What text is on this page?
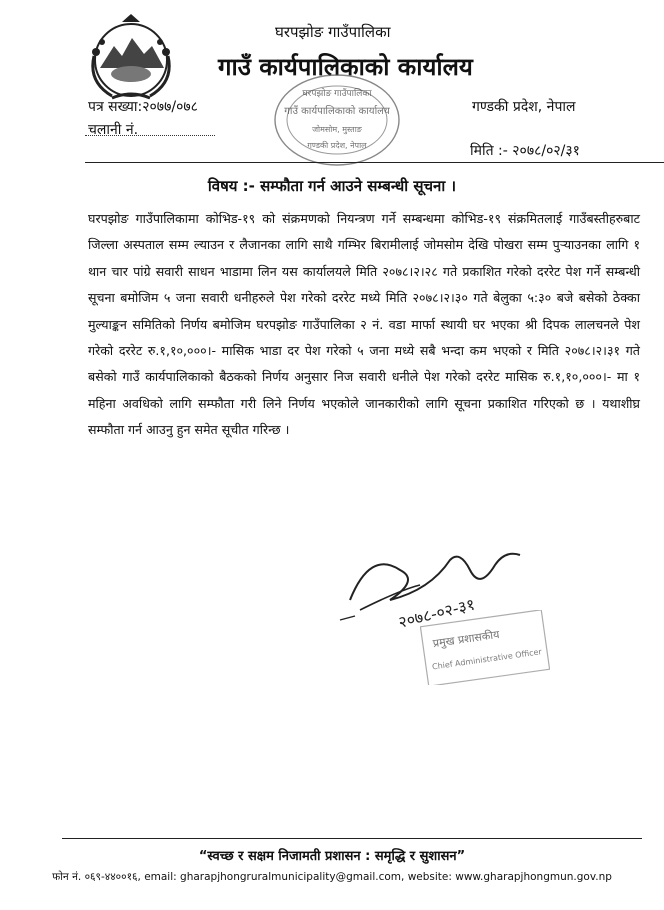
घरपझोङ गाउँपालिका
गाउँ कार्यपालिकाको कार्यालय
घरपझोङ गाउँपालिका
गाउँ कार्यपालिकाको कार्यालय
जोमसोम, मुस्ताङ
गण्डकी प्रदेश, नेपाल
पत्र सख्या:२०७७/०७८
चलानी नं.
गण्डकी प्रदेश, नेपाल
मिति :- २०७८/०२/३१
विषय :- सम्फौता गर्न आउने सम्बन्धी सूचना ।
घरपझोङ गाउँपालिकामा कोभिड-१९ को संक्रमणको नियन्त्रण गर्ने सम्बन्धमा कोभिड-१९ संक्रमितलाई गाउँबस्तीहरुबाट जिल्ला अस्पताल सम्म ल्याउन र लैजानका लागि साथै गम्भिर बिरामीलाई जोमसोम देखि पोखरा सम्म पुऱ्याउनका लागि १ थान चार पांग्रे सवारी साधन भाडामा लिन यस कार्यालयले मिति २०७८।२।२८ गते प्रकाशित गरेको दररेट पेश गर्ने सम्बन्धी सूचना बमोजिम ५ जना सवारी धनीहरुले पेश गरेको दररेट मध्ये मिति २०७८।२।३० गते बेलुका ५:३० बजे बसेको ठेक्का मुल्याङ्कन समितिको निर्णय बमोजिम घरपझोङ गाउँपालिका २ नं. वडा मार्फा स्थायी घर भएका श्री दिपक लालचनले पेश गरेको दररेट रु.१,१०,०००।- मासिक भाडा दर पेश गरेको ५ जना मध्ये सबै भन्दा कम भएको र मिति २०७८।२।३१ गते बसेको गाउँ कार्यपालिकाको बैठकको निर्णय अनुसार निज सवारी धनीले पेश गरेको दररेट मासिक रु.१,१०,०००।- मा १ महिना अवधिको लागि सम्फौता गरी लिने निर्णय भएकोले जानकारीको लागि सूचना प्रकाशित गरिएको छ । यथाशीघ्र सम्फौता गर्न आउनु हुन समेत सूचीत गरिन्छ ।
२०७८-०२-३१
प्रमुख प्रशासकीय
Chief Administrative Officer
“स्वच्छ र सक्षम निजामती प्रशासन : समृद्धि र सुशासन”
फोन नं. ०६९-४४००१६, email: gharapjhongruralmunicipality@gmail.com, website: www.gharapjhongmun.gov.np
